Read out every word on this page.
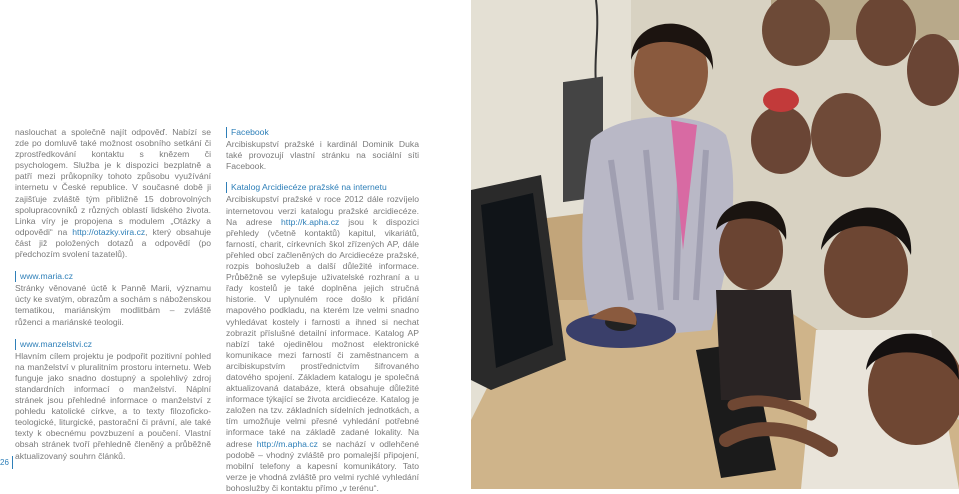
naslouchat a společně najít odpověď. Nabízí se zde po domluvě také možnost osobního setkání či zprostředkování kontaktu s knězem či psychologem. Služba je k dispozici bezplatně a patří mezi průkopníky tohoto způsobu využívání internetu v České republice. V současné době ji zajišťuje zvláště tým přibližně 15 dobrovolných spolupracovníků z různých oblastí lidského života. Linka víry je propojena s modulem „Otázky a odpovědi“ na http://otazky.vira.cz, který obsahuje část již položených dotazů a odpovědí (po předchozím svolení tazatelů).

www.maria.cz

Stránky věnované úctě k Panně Marii, významu úcty ke svatým, obrazům a sochám s náboženskou tematikou, mariánským modlitbám – zvláště růženci a mariánské teologii.

www.manzelstvi.cz

Hlavním cílem projektu je podpořit pozitivní pohled na manželství v pluralitním prostoru internetu. Web funguje jako snadno dostupný a spolehlivý zdroj standardních informací o manželství. Náplní stránek jsou přehledné informace o manželství z pohledu katolické církve, a to texty filozoficko-teologické, liturgické, pastorační či právní, ale také texty k obecnému povzbuzení a poučení. Vlastní obsah stránek tvoří přehledně členěný a průběžně aktualizovaný souhrn článků.

Facebook

Arcibiskupství pražské i kardinál Dominik Duka také provozují vlastní stránku na sociální síti Facebook.

Katalog Arcidiecéze pražské na internetu

Arcibiskupství pražské v roce 2012 dále rozvíjelo internetovou verzi katalogu pražské arcidiecéze. Na adrese http://k.apha.cz jsou k dispozici přehledy (včetně kontaktů) kapitul, vikariátů, farností, charit, církevních škol zřízených AP, dále přehled obcí začleněných do Arcidiecéze pražské, rozpis bohoslužeb a další důležité informace. Průběžně se vylepšuje uživatelské rozhraní a u řady kostelů je také doplněna jejich stručná historie. V uplynulém roce došlo k přidání mapového podkladu, na kterém lze velmi snadno vyhledávat kostely i farnosti a ihned si nechat zobrazit příslušné detailní informace. Katalog AP nabízí také ojedinělou možnost elektronické komunikace mezi farností či zaměstnancem a arcibiskupstvím prostřednictvím šifrovaného datového spojení. Základem katalogu je společná aktualizovaná databáze, která obsahuje důležité informace týkající se života arcidiecéze. Katalog je založen na tzv. základních sídelních jednotkách, a tím umožňuje velmi přesné vyhledání potřebné informace také na základě zadané lokality. Na adrese http://m.apha.cz se nachází v odlehčené podobě – vhodný zvláště pro pomalejší připojení, mobilní telefony a kapesní komunikátory. Tato verze je vhodná zvláště pro velmi rychlé vyhledání bohoslužby či kontaktu přímo „v terénu“.

26
